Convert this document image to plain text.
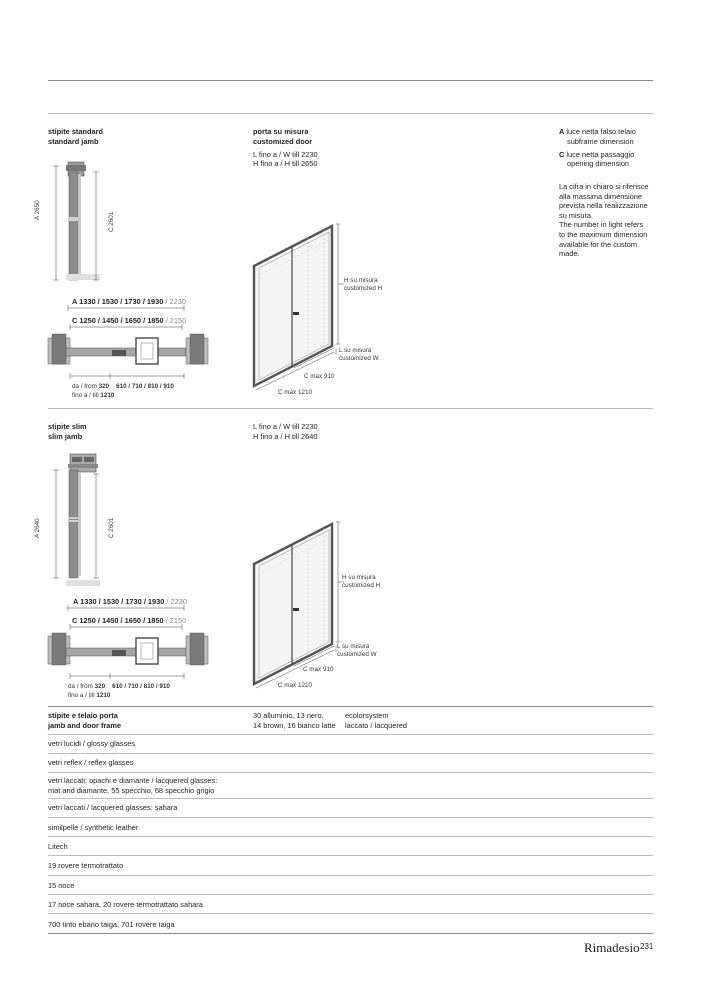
stipite standard
standard jamb
porta su misura
customized door
L fino a / W till 2230
H fino a / H till 2650
A luce netta falso telaio
subframe dimension
C luce netta passaggio
opening dimension
La cifra in chiaro si riferisce
alla massima dimensione
prevista nella realizzazione
su misura.
The number in light refers
to the maximum dimension
available for the custom
made.
A 2650
C 2601
A 1330 / 1530 / 1730 / 1930 / 2230
C 1250 / 1450 / 1650 / 1850 / 2150
da / from 320    610 / 710 / 810 / 910
fino a / till 1210
H su misura
customized H
L su misura
customized W
C max 910
C max 1210
stipite slim
slim jamb
L fino a / W till 2230
H fino a / H till 2640
A 2640	C 2601
A 1330 / 1530 / 1730 / 1930 / 2230
C 1250 / 1450 / 1650 / 1850 / 2150
da / from 320    610 / 710 / 810 / 910
fino a / till 1210
H su misura
customized H
L su misura
customized W
C max 910
C max 1210
stipite e telaio porta
jamb and door frame
30 alluminio, 13 nero,
14 brown, 16 bianco latte
ecolorsystem
laccato / lacquered
vetri lucidi / glossy glasses
vetri reflex / reflex glasses
vetri laccati: opachi e diamante / lacquered glasses:
mat and diamante, 55 specchio, 68 specchio grigio
vetri laccati / lacquered glasses: sahara
similpelle / synthetic leather
Litech
19 rovere termotrattato
15 noce
17 noce sahara, 20 rovere termotrattato sahara
700 tinto ebano taiga, 701 rovere taiga
Rimadesio 231
